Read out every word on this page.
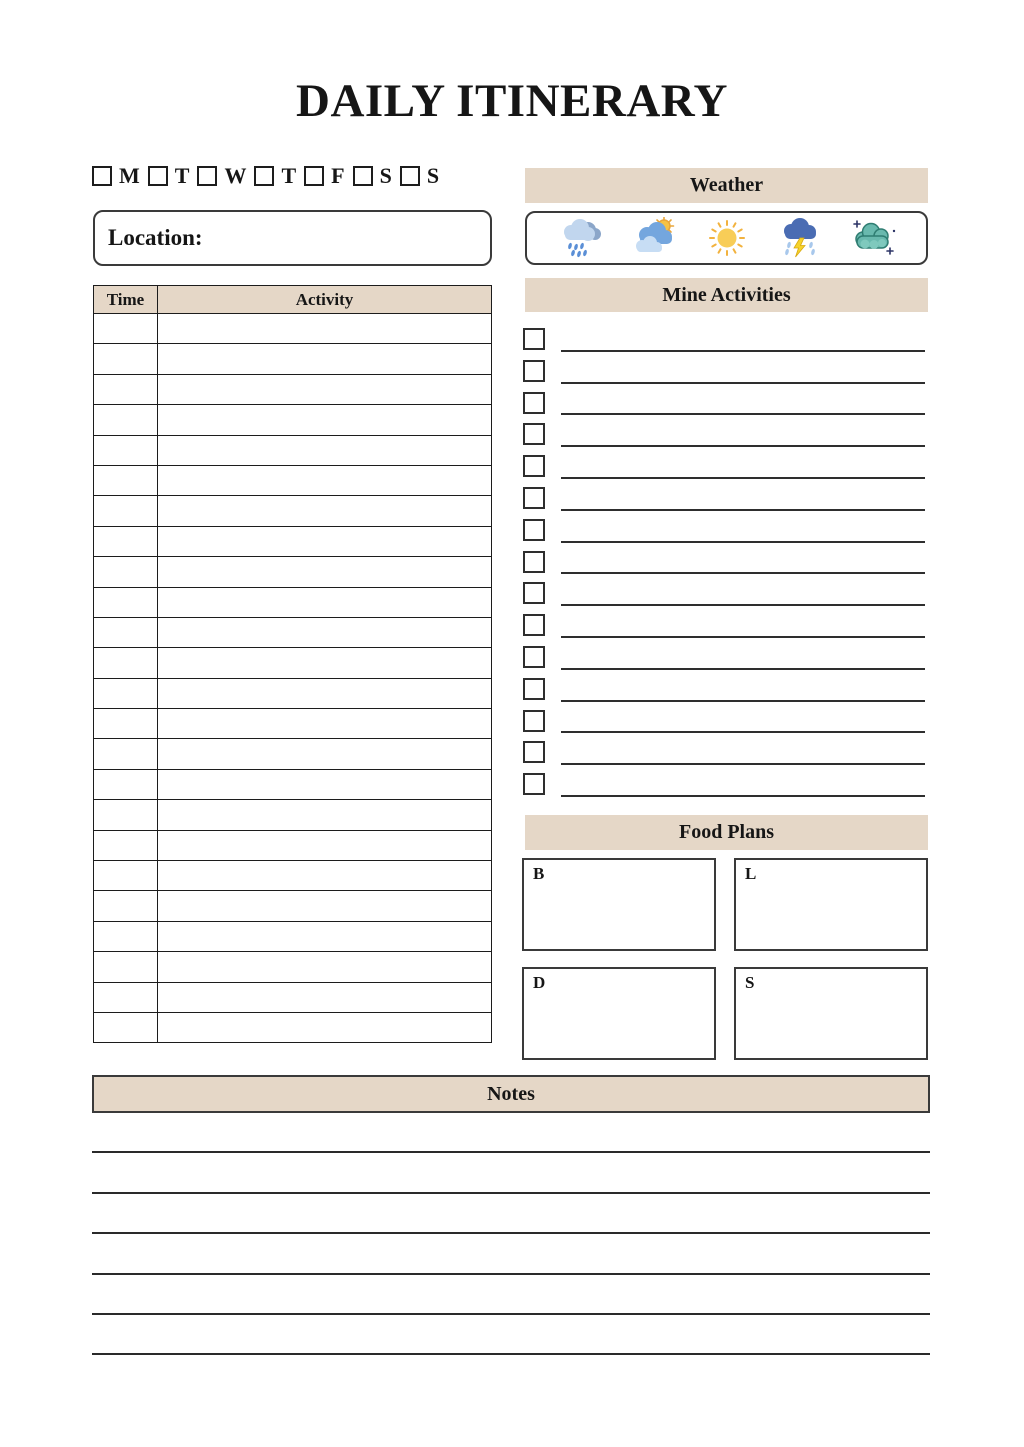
DAILY ITINERARY
M T W T F S S
Location:
Weather
Time	Activity

		Mine Activities
Food Plans
B	L
D	S
Notes
